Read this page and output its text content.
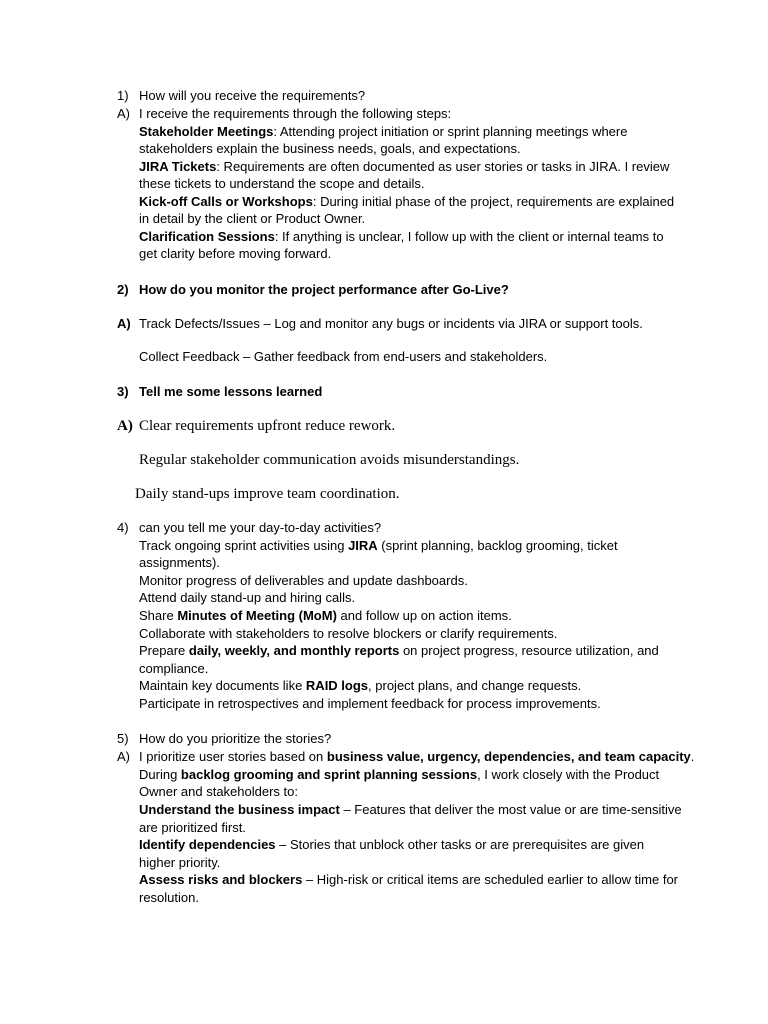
1) How will you receive the requirements?
A) I receive the requirements through the following steps:
Stakeholder Meetings: Attending project initiation or sprint planning meetings where
stakeholders explain the business needs, goals, and expectations.
JIRA Tickets: Requirements are often documented as user stories or tasks in JIRA. I review
these tickets to understand the scope and details.
Kick-off Calls or Workshops: During initial phase of the project, requirements are explained
in detail by the client or Product Owner.
Clarification Sessions: If anything is unclear, I follow up with the client or internal teams to
get clarity before moving forward.
2) How do you monitor the project performance after Go-Live?
A) Track Defects/Issues – Log and monitor any bugs or incidents via JIRA or support tools.
Collect Feedback – Gather feedback from end-users and stakeholders.
3) Tell me some lessons learned
A) Clear requirements upfront reduce rework.
Regular stakeholder communication avoids misunderstandings.
Daily stand-ups improve team coordination.
4) can you tell me your day-to-day activities?
Track ongoing sprint activities using JIRA (sprint planning, backlog grooming, ticket
assignments).
Monitor progress of deliverables and update dashboards.
Attend daily stand-up and hiring calls.
Share Minutes of Meeting (MoM) and follow up on action items.
Collaborate with stakeholders to resolve blockers or clarify requirements.
Prepare daily, weekly, and monthly reports on project progress, resource utilization, and
compliance.
Maintain key documents like RAID logs, project plans, and change requests.
Participate in retrospectives and implement feedback for process improvements.
5) How do you prioritize the stories?
A) I prioritize user stories based on business value, urgency, dependencies, and team capacity.
During backlog grooming and sprint planning sessions, I work closely with the Product
Owner and stakeholders to:
Understand the business impact – Features that deliver the most value or are time-sensitive
are prioritized first.
Identify dependencies – Stories that unblock other tasks or are prerequisites are given
higher priority.
Assess risks and blockers – High-risk or critical items are scheduled earlier to allow time for
resolution.
